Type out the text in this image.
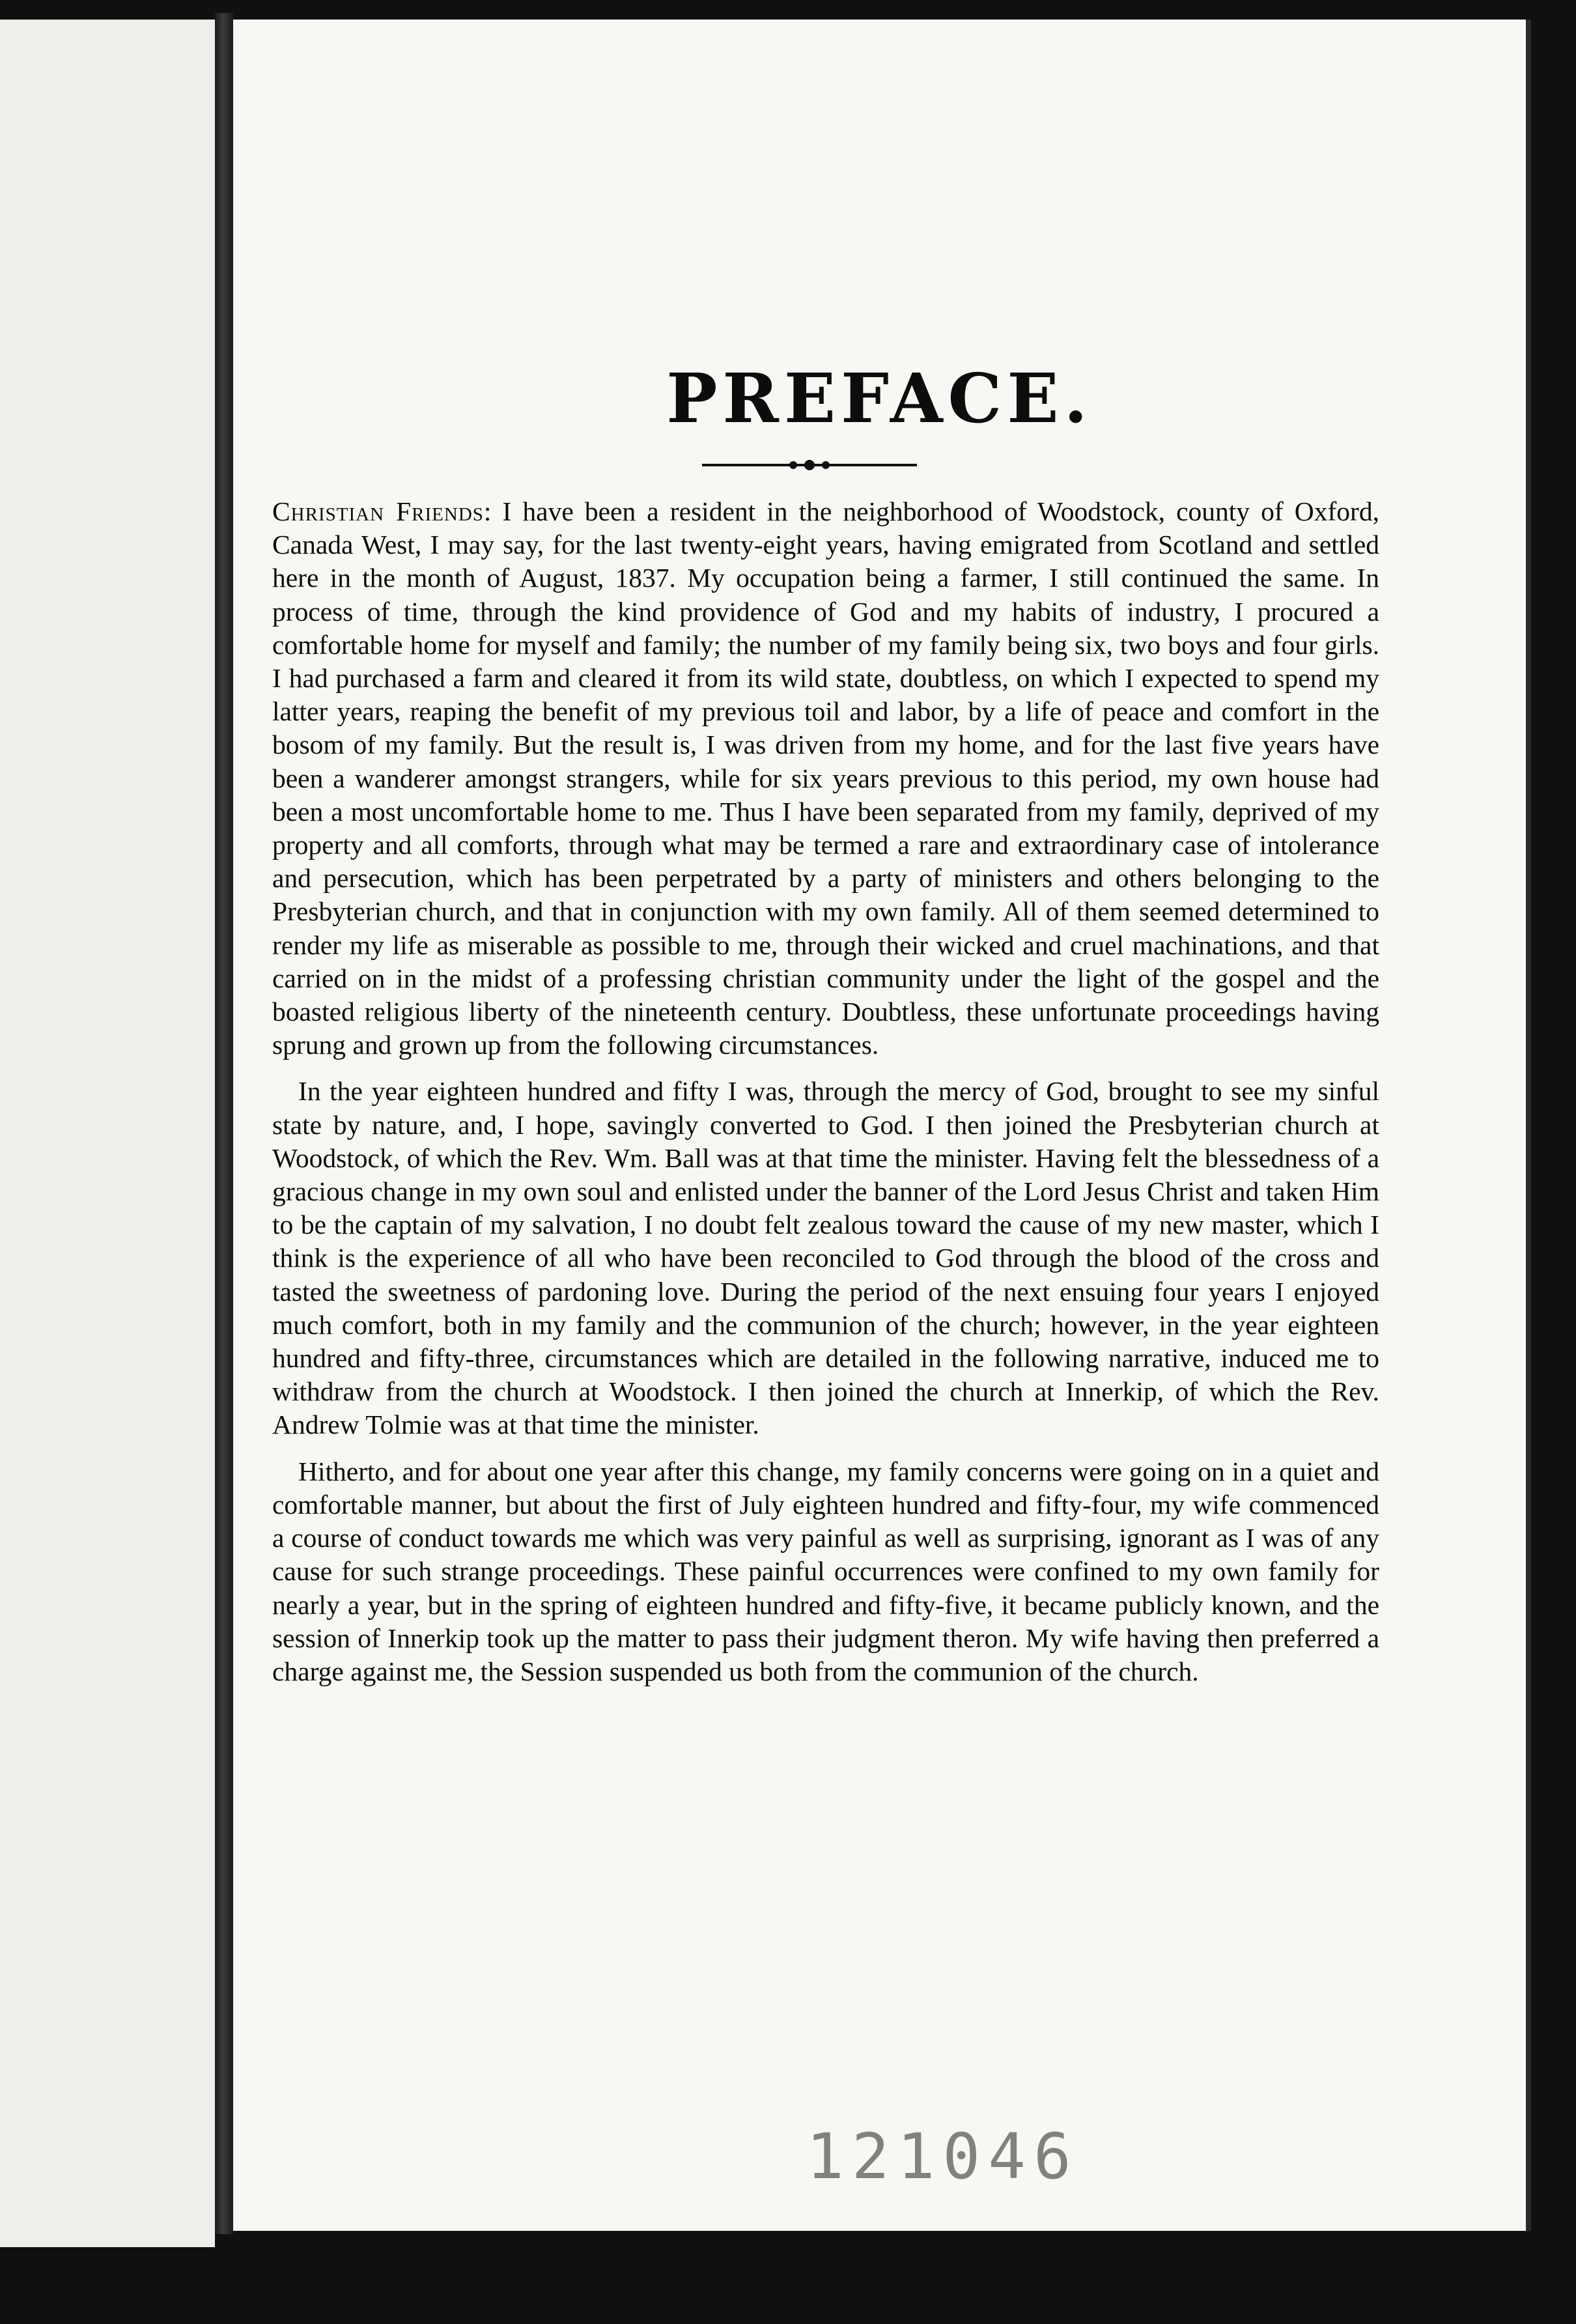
PREFACE.

Christian Friends: I have been a resident in the neighborhood of Woodstock, county of Oxford, Canada West, I may say, for the last twenty-eight years, having emigrated from Scotland and settled here in the month of August, 1837. My occupation being a farmer, I still continued the same. In process of time, through the kind providence of God and my habits of industry, I procured a comfortable home for myself and family; the number of my family being six, two boys and four girls. I had purchased a farm and cleared it from its wild state, doubtless, on which I expected to spend my latter years, reaping the benefit of my previous toil and labor, by a life of peace and comfort in the bosom of my family. But the result is, I was driven from my home, and for the last five years have been a wanderer amongst strangers, while for six years previous to this period, my own house had been a most uncomfortable home to me. Thus I have been separated from my family, deprived of my property and all comforts, through what may be termed a rare and extraordinary case of intolerance and persecution, which has been perpetrated by a party of ministers and others belonging to the Presbyterian church, and that in conjunction with my own family. All of them seemed determined to render my life as miserable as possible to me, through their wicked and cruel machinations, and that carried on in the midst of a professing christian community under the light of the gospel and the boasted religious liberty of the nineteenth century. Doubtless, these unfortunate proceedings having sprung and grown up from the following circumstances.

In the year eighteen hundred and fifty I was, through the mercy of God, brought to see my sinful state by nature, and, I hope, savingly converted to God. I then joined the Presbyterian church at Woodstock, of which the Rev. Wm. Ball was at that time the minister. Having felt the blessedness of a gracious change in my own soul and enlisted under the banner of the Lord Jesus Christ and taken Him to be the captain of my salvation, I no doubt felt zealous toward the cause of my new master, which I think is the experience of all who have been reconciled to God through the blood of the cross and tasted the sweetness of pardoning love. During the period of the next ensuing four years I enjoyed much comfort, both in my family and the communion of the church; however, in the year eighteen hundred and fifty-three, circumstances which are detailed in the following narrative, induced me to withdraw from the church at Woodstock. I then joined the church at Innerkip, of which the Rev. Andrew Tolmie was at that time the minister.

Hitherto, and for about one year after this change, my family concerns were going on in a quiet and comfortable manner, but about the first of July eighteen hundred and fifty-four, my wife commenced a course of conduct towards me which was very painful as well as surprising, ignorant as I was of any cause for such strange proceedings. These painful occurrences were confined to my own family for nearly a year, but in the spring of eighteen hundred and fifty-five, it became publicly known, and the session of Innerkip took up the matter to pass their judgment theron. My wife having then preferred a charge against me, the Session suspended us both from the communion of the church.

121046
